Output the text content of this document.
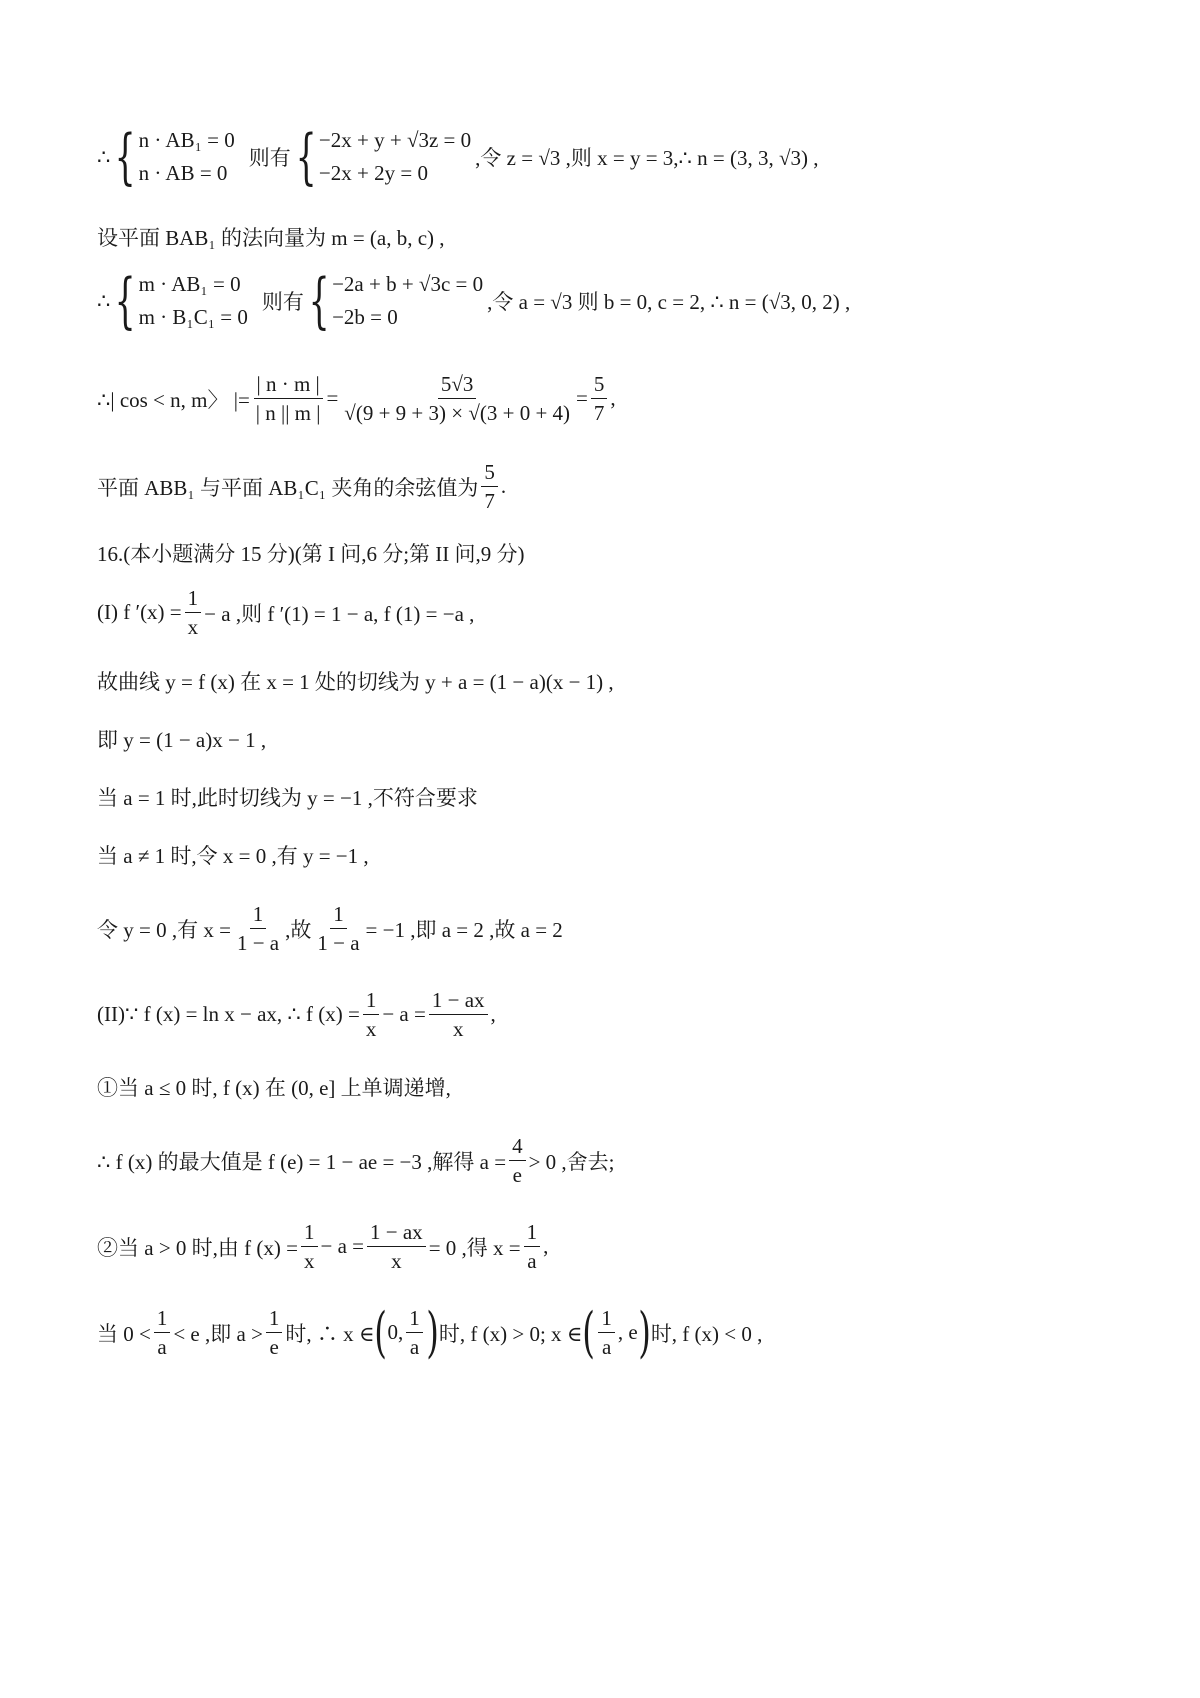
∴ { n · AB₁ = 0
n · AB = 0
则有 { −2x + y + √3z = 0
−2x + 2y = 0
,令 z = √3 ,则 x = y = 3,∴ n = (3, 3, √3) ,
设平面 BAB₁ 的法向量为 m = (a, b, c) ,
∴ { m · AB₁ = 0
m · B₁C₁ = 0
则有 { −2a + b + √3c = 0
−2b = 0
,令 a = √3 则 b = 0, c = 2, ∴ n = (√3, 0, 2) ,
∴| cos < n, m〉 |= $\frac{| n \cdot m |}{| n || m |} = \frac{5√3}{√(9 + 9 + 3) \times √(3 + 0 + 4)} = \frac{5}{7}$ ,
平面 ABB₁ 与平面 AB₁C₁ 夹角的余弦值为 $\frac{5}{7}$ .
16.(本小题满分 15 分)(第 I 问,6 分;第 II 问,9 分)
(I) f $'(x) = \frac{1}{x} - a$ ,则 f ′(1) = 1 − a, f (1) = −a ,
故曲线 y = f (x) 在 x = 1 处的切线为 y + a = (1 − a)(x − 1) ,
即 y = (1 − a)x − 1 ,
当 a = 1 时,此时切线为 y = −1 ,不符合要求
当 a ≠ 1 时,令 x = 0 ,有 y = −1 ,
令 y = 0 ,有 $x = \frac{1}{1 - a}$ ,故 $\frac{1}{1 - a} = -1$ ,即 a = 2 ,故 a = 2
(II)∵ f (x) = ln x − ax, ∴ f $(x) = \frac{1}{x} - a = \frac{1 - ax}{x}$ ,
①当 a ≤ 0 时, f (x) 在 (0, e] 上单调递增,
∴ f (x) 的最大值是 f (e) = 1 − ae = −3 ,解得 $a = \frac{4}{e} > 0$ ,舍去;
②当 a > 0 时,由 f $(x) = \frac{1}{x} - a = \frac{1 - ax}{x} = 0$ ,得 $x = \frac{1}{a}$ ,
当 $0 < \frac{1}{a} < e$ ,即 $a > \frac{1}{e}$ 时, ∴ x ∈ ( 0, $\frac{1}{a}$ ) 时, f (x) > 0; x ∈ ( $\frac{1}{a}$ , e ) 时, f (x) < 0 ,
